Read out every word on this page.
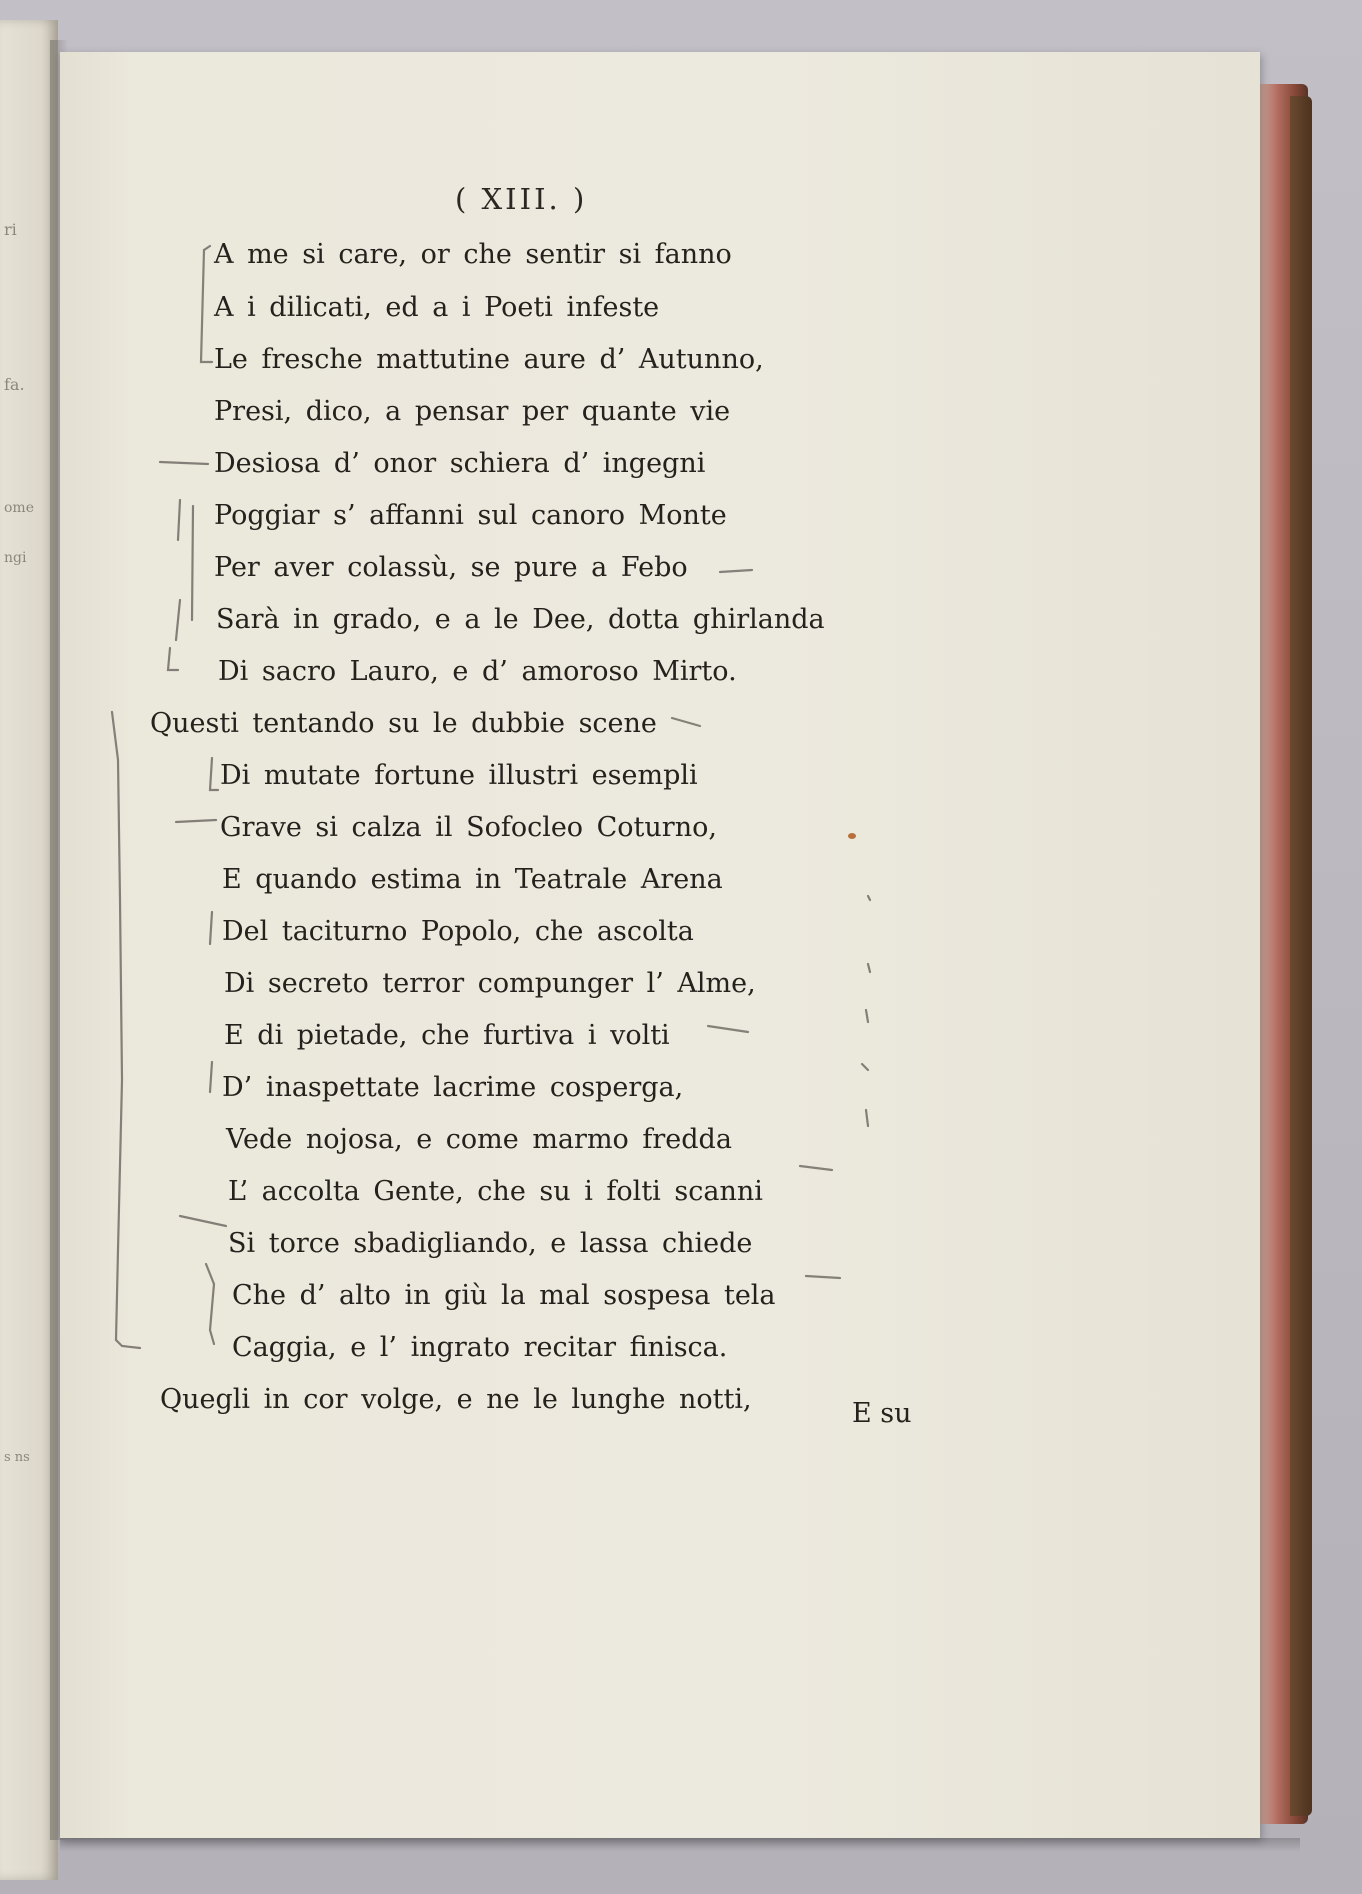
ri
fa.
ome
ngi
s ns
( XIII. )
A me si care, or che sentir si fanno
A i dilicati, ed a i Poeti infeste
Le fresche mattutine aure d’ Autunno,
Presi, dico, a pensar per quante vie
Desiosa d’ onor schiera d’ ingegni
Poggiar s’ affanni sul canoro Monte
Per aver colassù, se pure a Febo
Sarà in grado, e a le Dee, dotta ghirlanda
Di sacro Lauro, e d’ amoroso Mirto.
Questi tentando su le dubbie scene
Di mutate fortune illustri esempli
Grave si calza il Sofocleo Coturno,
E quando estima in Teatrale Arena
Del taciturno Popolo, che ascolta
Di secreto terror compunger l’ Alme,
E di pietade, che furtiva i volti
D’ inaspettate lacrime cosperga,
Vede nojosa, e come marmo fredda
L’ accolta Gente, che su i folti scanni
Si torce sbadigliando, e lassa chiede
Che d’ alto in giù la mal sospesa tela
Caggia, e l’ ingrato recitar finisca.
Quegli in cor volge, e ne le lunghe notti,	E su
